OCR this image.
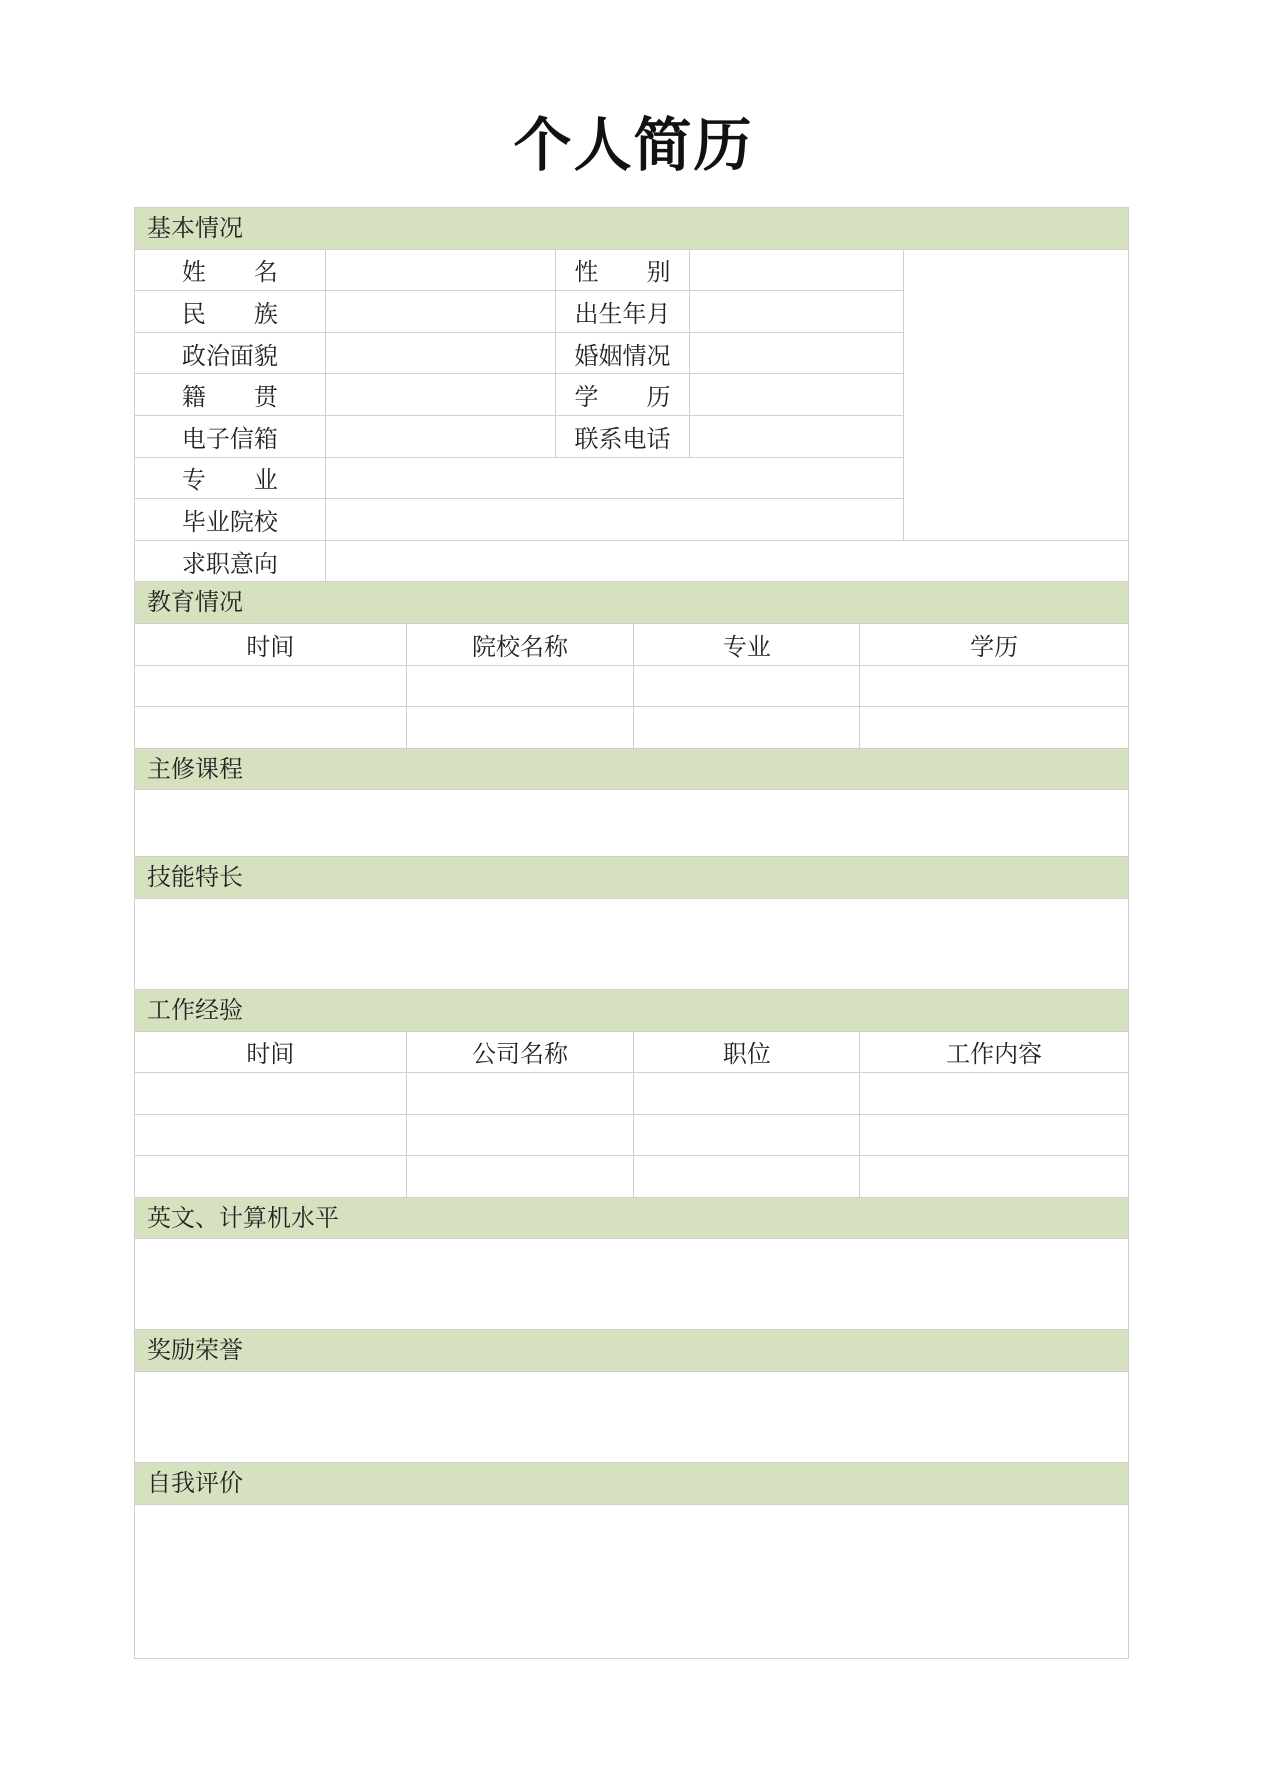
个人简历
基本情况
姓　　名	性　　别
民　　族	出生年月
政治面貌	婚姻情况
籍　　贯	学　　历
电子信箱	联系电话
专　　业
毕业院校
求职意向
教育情况
时间	院校名称	专业	学历
主修课程
技能特长
工作经验
时间	公司名称	职位	工作内容
英文、计算机水平
奖励荣誉
自我评价
